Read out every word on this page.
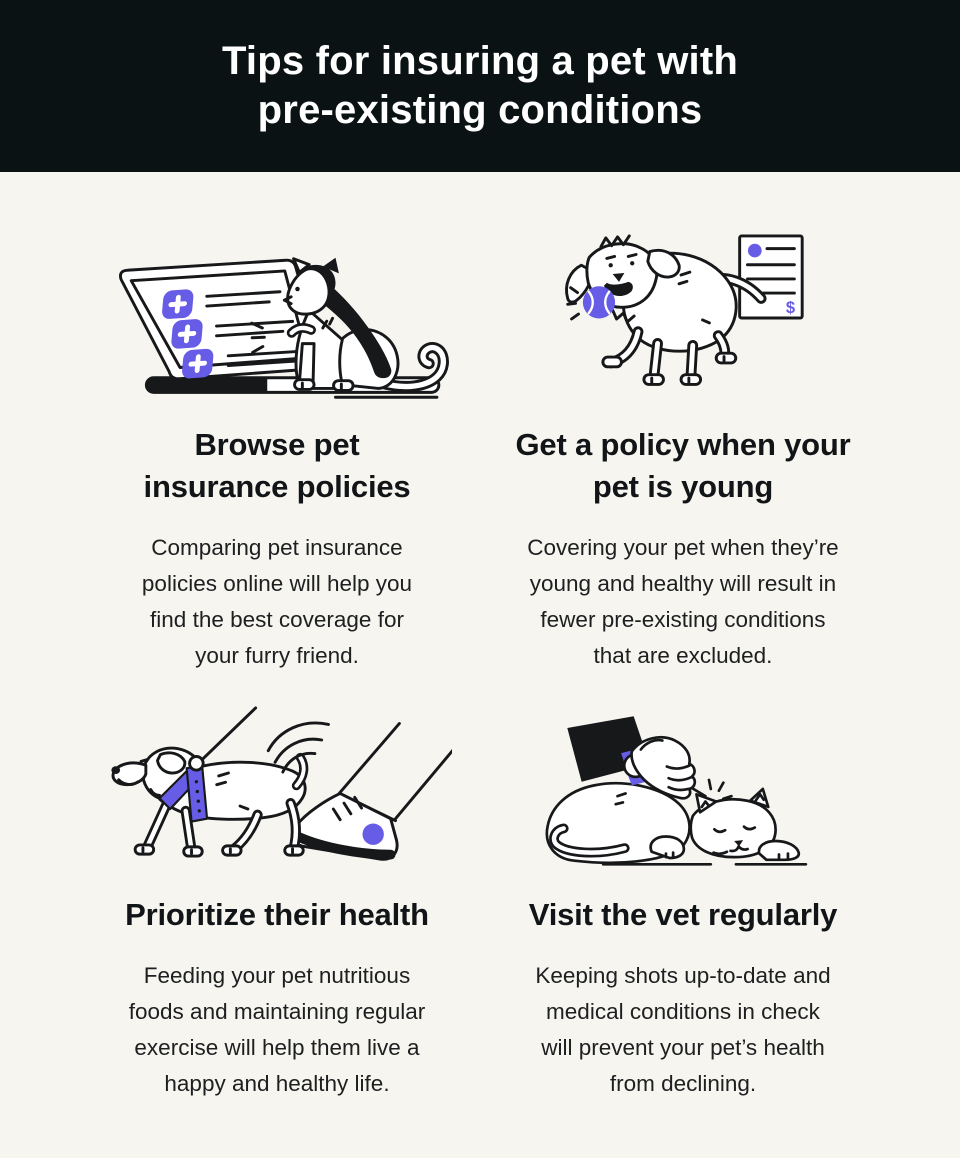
Tips for insuring a pet with
pre-existing conditions
Browse pet
insurance policies

Comparing pet insurance
policies online will help you
find the best coverage for
your furry friend.

$
Get a policy when your
pet is young

Covering your pet when they’re
young and healthy will result in
fewer pre-existing conditions
that are excluded.

Prioritize their health

Feeding your pet nutritious
foods and maintaining regular
exercise will help them live a
happy and healthy life.

Visit the vet regularly

Keeping shots up-to-date and
medical conditions in check
will prevent your pet’s health
from declining.
